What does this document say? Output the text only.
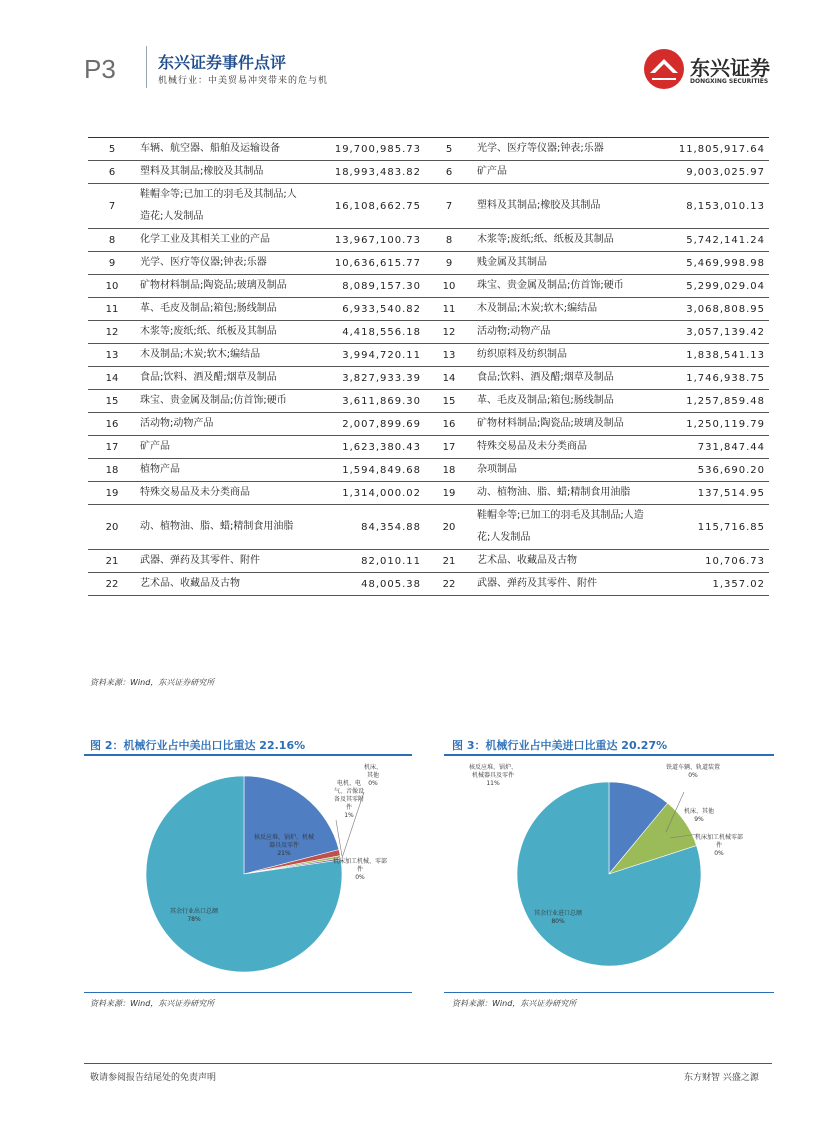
P3	东兴证券事件点评
机械行业：中美贸易冲突带来的危与机
东兴证券
DONGXING SECURITIES
5	车辆、航空器、船舶及运输设备	19,700,985.73	5	光学、医疗等仪器;钟表;乐器	11,805,917.64
6	塑料及其制品;橡胶及其制品	18,993,483.82	6	矿产品	9,003,025.97
7	鞋帽伞等;已加工的羽毛及其制品;人造花;人发制品	16,108,662.75	7	塑料及其制品;橡胶及其制品	8,153,010.13
8	化学工业及其相关工业的产品	13,967,100.73	8	木浆等;废纸;纸、纸板及其制品	5,742,141.24
9	光学、医疗等仪器;钟表;乐器	10,636,615.77	9	贱金属及其制品	5,469,998.98
10	矿物材料制品;陶瓷品;玻璃及制品	8,089,157.30	10	珠宝、贵金属及制品;仿首饰;硬币	5,299,029.04
11	革、毛皮及制品;箱包;肠线制品	6,933,540.82	11	木及制品;木炭;软木;编结品	3,068,808.95
12	木浆等;废纸;纸、纸板及其制品	4,418,556.18	12	活动物;动物产品	3,057,139.42
13	木及制品;木炭;软木;编结品	3,994,720.11	13	纺织原料及纺织制品	1,838,541.13
14	食品;饮料、酒及醋;烟草及制品	3,827,933.39	14	食品;饮料、酒及醋;烟草及制品	1,746,938.75
15	珠宝、贵金属及制品;仿首饰;硬币	3,611,869.30	15	革、毛皮及制品;箱包;肠线制品	1,257,859.48
16	活动物;动物产品	2,007,899.69	16	矿物材料制品;陶瓷品;玻璃及制品	1,250,119.79
17	矿产品	1,623,380.43	17	特殊交易品及未分类商品	731,847.44
18	植物产品	1,594,849.68	18	杂项制品	536,690.20
19	特殊交易品及未分类商品	1,314,000.02	19	动、植物油、脂、蜡;精制食用油脂	137,514.95
20	动、植物油、脂、蜡;精制食用油脂	84,354.88	20	鞋帽伞等;已加工的羽毛及其制品;人造花;人发制品	115,716.85
21	武器、弹药及其零件、附件	82,010.11	21	艺术品、收藏品及古物	10,706.73
22	艺术品、收藏品及古物	48,005.38	22	武器、弹药及其零件、附件	1,357.02
资料来源：Wind，东兴证券研究所
图 2：机械行业占中美出口比重达 22.16%
资料来源：Wind，东兴证券研究所
图 3：机械行业占中美进口比重达 20.27%
资料来源：Wind，东兴证券研究所
核反应堆、锅炉、机械器具及零件
21%
电机、电气、音像设备及其零附件
1%
机床、其他
0%
机床加工机械、零部件
0%
其余行业出口总额
78%
核反应堆、锅炉、机械器具及零件
11%
机床、其他
9%
其余行业进口总额
80%
铁道车辆、轨道装置
0%
机床加工机械零部件
0%
敬请参阅报告结尾处的免责声明	东方财智 兴盛之源
